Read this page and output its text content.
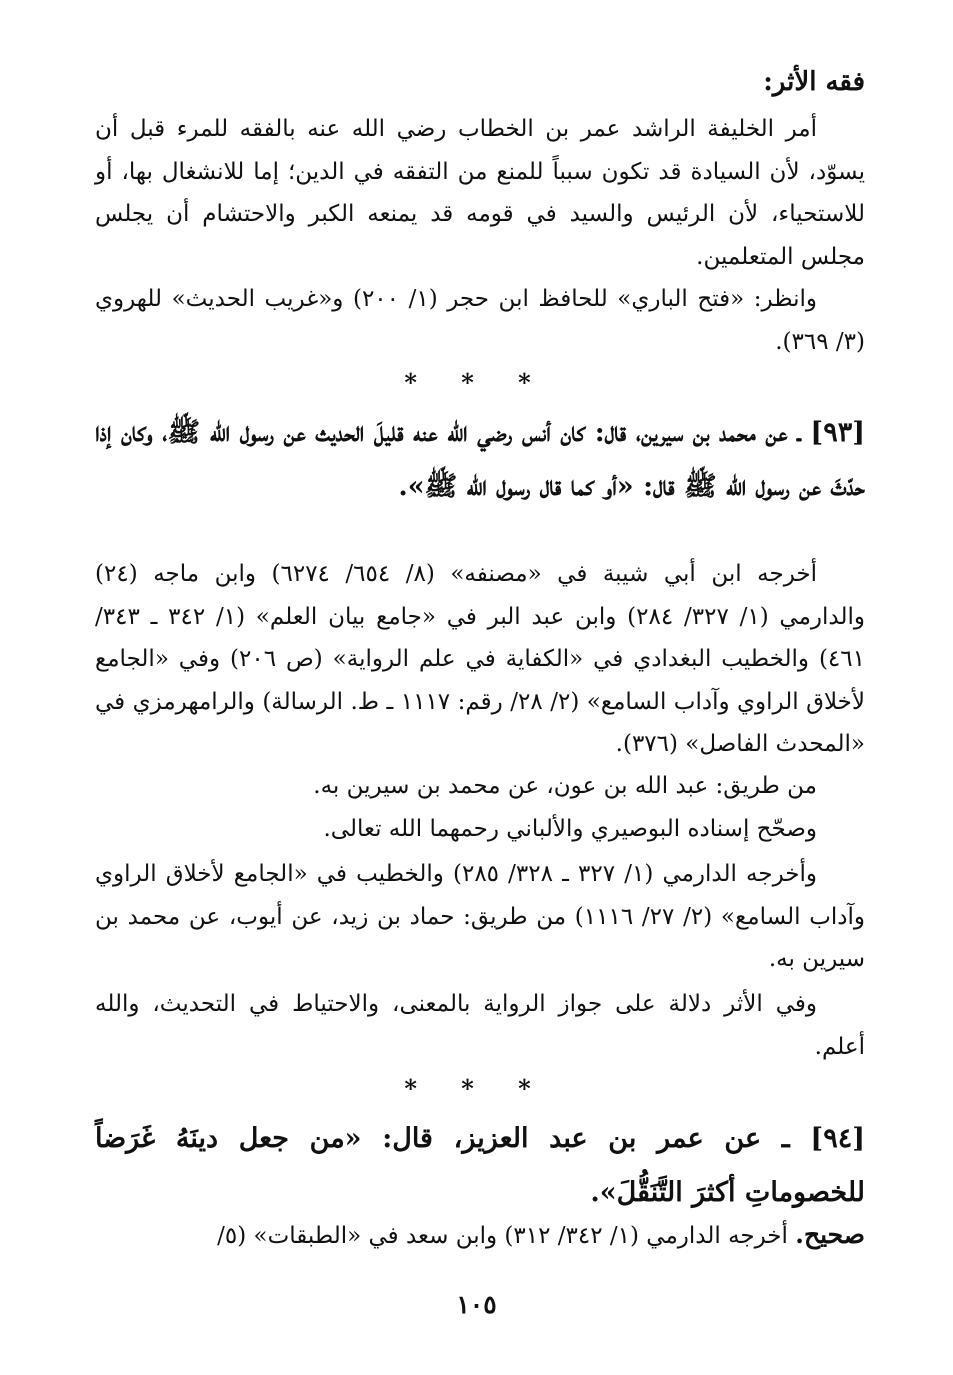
فقه الأثر:
أمر الخليفة الراشد عمر بن الخطاب رضي الله عنه بالفقه للمرء قبل أن يسوّد، لأن السيادة قد تكون سبباً للمنع من التفقه في الدين؛ إما للانشغال بها، أو للاستحياء، لأن الرئيس والسيد في قومه قد يمنعه الكبر والاحتشام أن يجلس مجلس المتعلمين.
وانظر: «فتح الباري» للحافظ ابن حجر (١/ ٢٠٠) و«غريب الحديث» للهروي (٣/ ٣٦٩).
* * *
[٩٣] ـ عن محمد بن سيرين، قال: كان أنس رضي الله عنه قليلَ الحديث عن رسول الله ﷺ، وكان إذا حدّثَ عن رسول الله ﷺ قال: «أو كما قال رسول الله ﷺ».
أخرجه ابن أبي شيبة في «مصنفه» (٨/ ٦٥٤/ ٦٢٧٤) وابن ماجه (٢٤) والدارمي (١/ ٣٢٧/ ٢٨٤) وابن عبد البر في «جامع بيان العلم» (١/ ٣٤٢ ـ ٣٤٣/ ٤٦١) والخطيب البغدادي في «الكفاية في علم الرواية» (ص ٢٠٦) وفي «الجامع لأخلاق الراوي وآداب السامع» (٢/ ٢٨/ رقم: ١١١٧ ـ ط. الرسالة) والرامهرمزي في «المحدث الفاصل» (٣٧٦).
من طريق: عبد الله بن عون، عن محمد بن سيرين به.
وصحّح إسناده البوصيري والألباني رحمهما الله تعالى.
وأخرجه الدارمي (١/ ٣٢٧ ـ ٣٢٨/ ٢٨٥) والخطيب في «الجامع لأخلاق الراوي وآداب السامع» (٢/ ٢٧/ ١١١٦) من طريق: حماد بن زيد، عن أيوب، عن محمد بن سيرين به.
وفي الأثر دلالة على جواز الرواية بالمعنى، والاحتياط في التحديث، والله أعلم.
* * *
[٩٤] ـ عن عمر بن عبد العزيز، قال: «من جعل دينَهُ غَرَضاً للخصوماتِ أكثرَ التَّنَقُّلَ».
صحيح. أخرجه الدارمي (١/ ٣٤٢/ ٣١٢) وابن سعد في «الطبقات» (٥/
١٠٥
